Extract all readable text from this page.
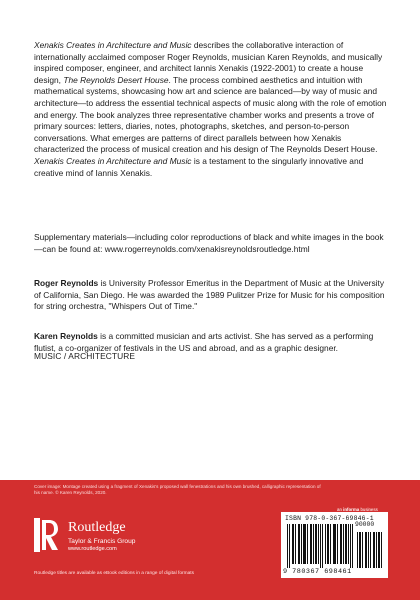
Xenakis Creates in Architecture and Music describes the collaborative interaction of internationally acclaimed composer Roger Reynolds, musician Karen Reynolds, and musically inspired composer, engineer, and architect Iannis Xenakis (1922-2001) to create a house design, The Reynolds Desert House. The process combined aesthetics and intuition with mathematical systems, showcasing how art and science are balanced—by way of music and architecture—to address the essential technical aspects of music along with the role of emotion and energy. The book analyzes three representative chamber works and presents a trove of primary sources: letters, diaries, notes, photographs, sketches, and person-to-person conversations. What emerges are patterns of direct parallels between how Xenakis characterized the process of musical creation and his design of The Reynolds Desert House. Xenakis Creates in Architecture and Music is a testament to the singularly innovative and creative mind of Iannis Xenakis.

Supplementary materials—including color reproductions of black and white images in the book—can be found at: www.rogerreynolds.com/xenakisreynoldsroutledge.html

Roger Reynolds is University Professor Emeritus in the Department of Music at the University of California, San Diego. He was awarded the 1989 Pulitzer Prize for Music for his composition for string orchestra, "Whispers Out of Time."

Karen Reynolds is a committed musician and arts activist. She has served as a performing flutist, a co-organizer of festivals in the US and abroad, and as a graphic designer.

MUSIC / ARCHITECTURE
Cover image: Montage created using a fragment of Xenakis's proposed wall fenestrations and his own brushed, calligraphic representation of his name. © Karen Reynolds, 2020.
an informa business
Routledge
Taylor & Francis Group
www.routledge.com
Routledge titles are available as eBook editions in a range of digital formats
ISBN 978-0-367-69846-1
90000
9 780367 698461
